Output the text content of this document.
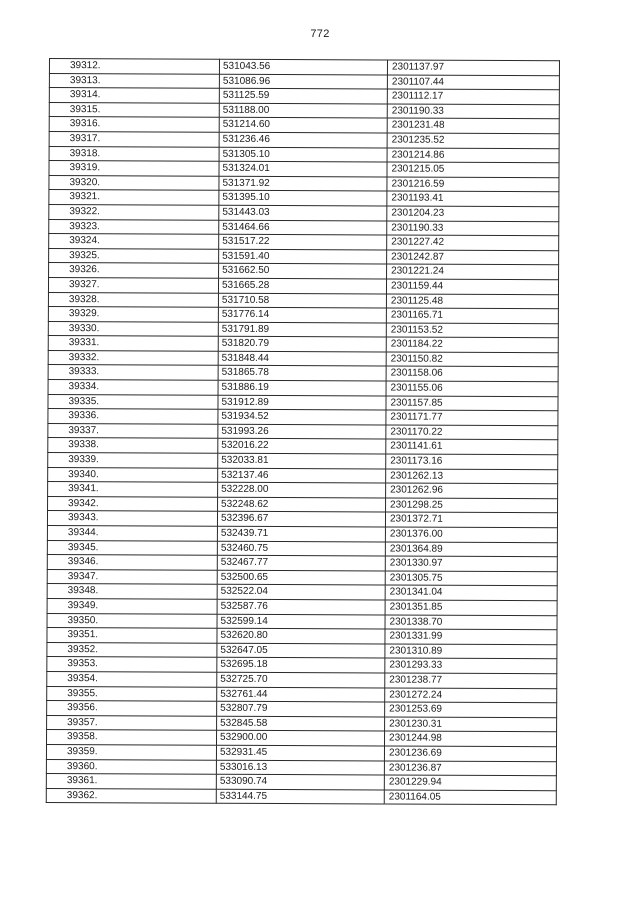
772
39312.	531043.56	2301137.97
39313.	531086.96	2301107.44
39314.	531125.59	2301112.17
39315.	531188.00	2301190.33
39316.	531214.60	2301231.48
39317.	531236.46	2301235.52
39318.	531305.10	2301214.86
39319.	531324.01	2301215.05
39320.	531371.92	2301216.59
39321.	531395.10	2301193.41
39322.	531443.03	2301204.23
39323.	531464.66	2301190.33
39324.	531517.22	2301227.42
39325.	531591.40	2301242.87
39326.	531662.50	2301221.24
39327.	531665.28	2301159.44
39328.	531710.58	2301125.48
39329.	531776.14	2301165.71
39330.	531791.89	2301153.52
39331.	531820.79	2301184.22
39332.	531848.44	2301150.82
39333.	531865.78	2301158.06
39334.	531886.19	2301155.06
39335.	531912.89	2301157.85
39336.	531934.52	2301171.77
39337.	531993.26	2301170.22
39338.	532016.22	2301141.61
39339.	532033.81	2301173.16
39340.	532137.46	2301262.13
39341.	532228.00	2301262.96
39342.	532248.62	2301298.25
39343.	532396.67	2301372.71
39344.	532439.71	2301376.00
39345.	532460.75	2301364.89
39346.	532467.77	2301330.97
39347.	532500.65	2301305.75
39348.	532522.04	2301341.04
39349.	532587.76	2301351.85
39350.	532599.14	2301338.70
39351.	532620.80	2301331.99
39352.	532647.05	2301310.89
39353.	532695.18	2301293.33
39354.	532725.70	2301238.77
39355.	532761.44	2301272.24
39356.	532807.79	2301253.69
39357.	532845.58	2301230.31
39358.	532900.00	2301244.98
39359.	532931.45	2301236.69
39360.	533016.13	2301236.87
39361.	533090.74	2301229.94
39362.	533144.75	2301164.05
